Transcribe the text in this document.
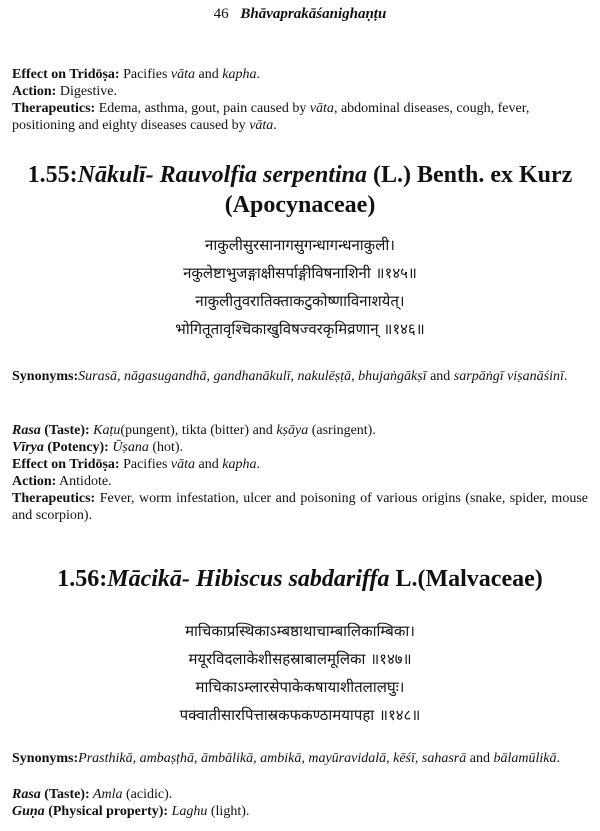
46 Bhāvaprakāśanighaṇṭu
Effect on Tridōṣa: Pacifies vāta and kapha.
Action: Digestive.
Therapeutics: Edema, asthma, gout, pain caused by vāta, abdominal diseases, cough, fever, positioning and eighty diseases caused by vāta.
1.55:Nākulī- Rauvolfia serpentina (L.) Benth. ex Kurz
(Apocynaceae)
नाकुलीसुरसानागसुगन्धागन्धनाकुली।
नकुलेष्टाभुजङ्गाक्षीसर्पाङ्गीविषनाशिनी ॥१४५॥
नाकुलीतुवरातिक्ताकटुकोष्णाविनाशयेत्।
भोगितूतावृश्चिकाखुविषज्वरकृमिव्रणान् ॥१४६॥
Synonyms:Surasā, nāgasugandhā, gandhanākulī, nakulēṣṭā, bhujaṅgākṣī and sarpāṅgī viṣanāśinī.
Rasa (Taste): Kaṭu(pungent), tikta (bitter) and kṣāya (asringent).
Vīrya (Potency): Ūṣana (hot).
Effect on Tridōṣa: Pacifies vāta and kapha.
Action: Antidote.
Therapeutics: Fever, worm infestation, ulcer and poisoning of various origins (snake, spider, mouse and scorpion).
1.56:Mācikā- Hibiscus sabdariffa L.(Malvaceae)
माचिकाप्रस्थिकाऽम्बष्ठाथाचाम्बालिकाम्बिका।
मयूरविदलाकेशीसहस्राबालमूलिका ॥१४७॥
माचिकाऽम्लारसेपाकेकषायाशीतलालघुः।
पक्वातीसारपित्तास्रकफकण्ठामयापहा ॥१४८॥
Synonyms:Prasthikā, ambaṣṭhā, āmbālikā, ambikā, mayūravidalā, kēśī, sahasrā and bālamūlikā.
Rasa (Taste): Amla (acidic).
Guṇa (Physical property): Laghu (light).
